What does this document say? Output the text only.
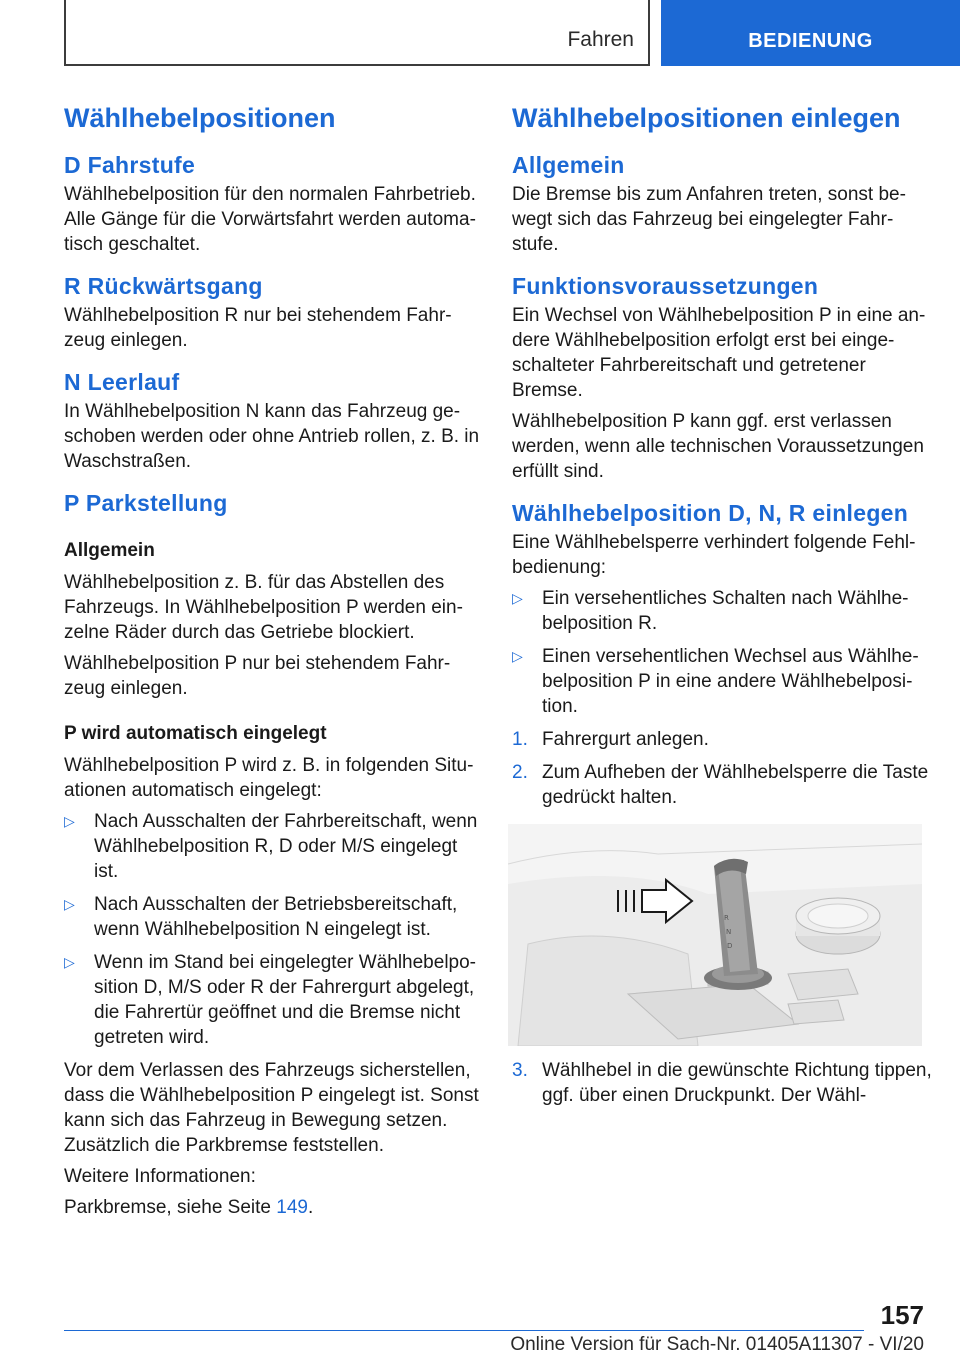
Fahren	BEDIENUNG
Wählhebelpositionen
D Fahrstufe

Wählhebelposition für den normalen Fahrbetrieb. Alle Gänge für die Vorwärtsfahrt werden automatisch geschaltet.

R Rückwärtsgang

Wählhebelposition R nur bei stehendem Fahrzeug einlegen.

N Leerlauf

In Wählhebelposition N kann das Fahrzeug geschoben werden oder ohne Antrieb rollen, z. B. in Waschstraßen.

P Parkstellung
Allgemein

Wählhebelposition z. B. für das Abstellen des Fahrzeugs. In Wählhebelposition P werden einzelne Räder durch das Getriebe blockiert.

Wählhebelposition P nur bei stehendem Fahrzeug einlegen.

P wird automatisch eingelegt

Wählhebelposition P wird z. B. in folgenden Situationen automatisch eingelegt:

▷ Nach Ausschalten der Fahrbereitschaft, wenn Wählhebelposition R, D oder M/S eingelegt ist.
▷ Nach Ausschalten der Betriebsbereitschaft, wenn Wählhebelposition N eingelegt ist.
▷ Wenn im Stand bei eingelegter Wählhebelposition D, M/S oder R der Fahrergurt abgelegt, die Fahrertür geöffnet und die Bremse nicht getreten wird.

Vor dem Verlassen des Fahrzeugs sicherstellen, dass die Wählhebelposition P eingelegt ist. Sonst kann sich das Fahrzeug in Bewegung setzen. Zusätzlich die Parkbremse feststellen.

Weitere Informationen:

Parkbremse, siehe Seite 149.

Wählhebelpositionen einlegen
Allgemein

Die Bremse bis zum Anfahren treten, sonst bewegt sich das Fahrzeug bei eingelegter Fahrstufe.

Funktionsvoraussetzungen

Ein Wechsel von Wählhebelposition P in eine andere Wählhebelposition erfolgt erst bei eingeschalteter Fahrbereitschaft und getretener Bremse.

Wählhebelposition P kann ggf. erst verlassen werden, wenn alle technischen Voraussetzungen erfüllt sind.

Wählhebelposition D, N, R einlegen

Eine Wählhebelsperre verhindert folgende Fehlbedienung:

▷ Ein versehentliches Schalten nach Wählhebelposition R.
▷ Einen versehentlichen Wechsel aus Wählhebelposition P in eine andere Wählhebelposition.
1. Fahrergurt anlegen.
2. Zum Aufheben der Wählhebelsperre die Taste gedrückt halten.
R
N
D
3. Wählhebel in die gewünschte Richtung tippen, ggf. über einen Druckpunkt. Der Wähl-
157
Online Version für Sach-Nr. 01405A11307 - VI/20
